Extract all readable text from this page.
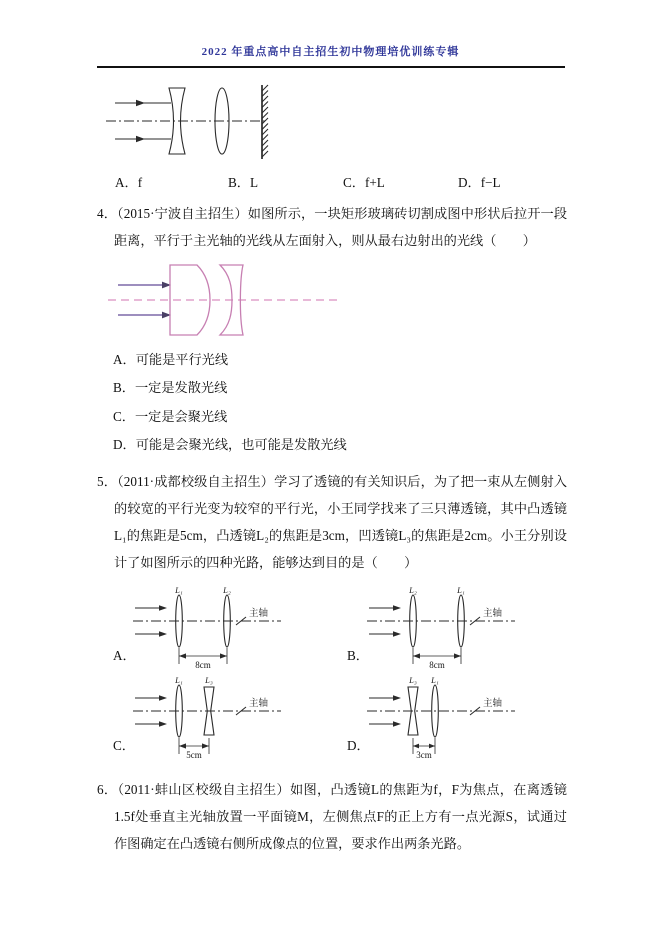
2022 年重点高中自主招生初中物理培优训练专辑
A．f	B．L	C．f+L	D．f−L

4．（2015·宁波自主招生）如图所示，一块矩形玻璃砖切割成图中形状后拉开一段距离，平行于主光轴的光线从左面射入，则从最右边射出的光线（　　）

A．可能是平行光线
B．一定是发散光线
C．一定是会聚光线
D．可能是会聚光线，也可能是发散光线

5．（2011·成都校级自主招生）学习了透镜的有关知识后，为了把一束从左侧射入的较宽的平行光变为较窄的平行光，小王同学找来了三只薄透镜，其中凸透镜L₁的焦距是5cm，凸透镜L₂的焦距是3cm，凹透镜L₃的焦距是2cm。小王分别设计了如图所示的四种光路，能够达到目的是（　　）

A．
L₁	L₂
主轴
8cm
B．
L₂	L₁
主轴
8cm
C．
L₁	L₃
主轴
5cm
D．
L₃ L₁
主轴
3cm

6．（2011·蚌山区校级自主招生）如图，凸透镜L的焦距为f，F为焦点，在离透镜1.5f处垂直主光轴放置一平面镜M，左侧焦点F的正上方有一点光源S，试通过作图确定在凸透镜右侧所成像点的位置，要求作出两条光路。
